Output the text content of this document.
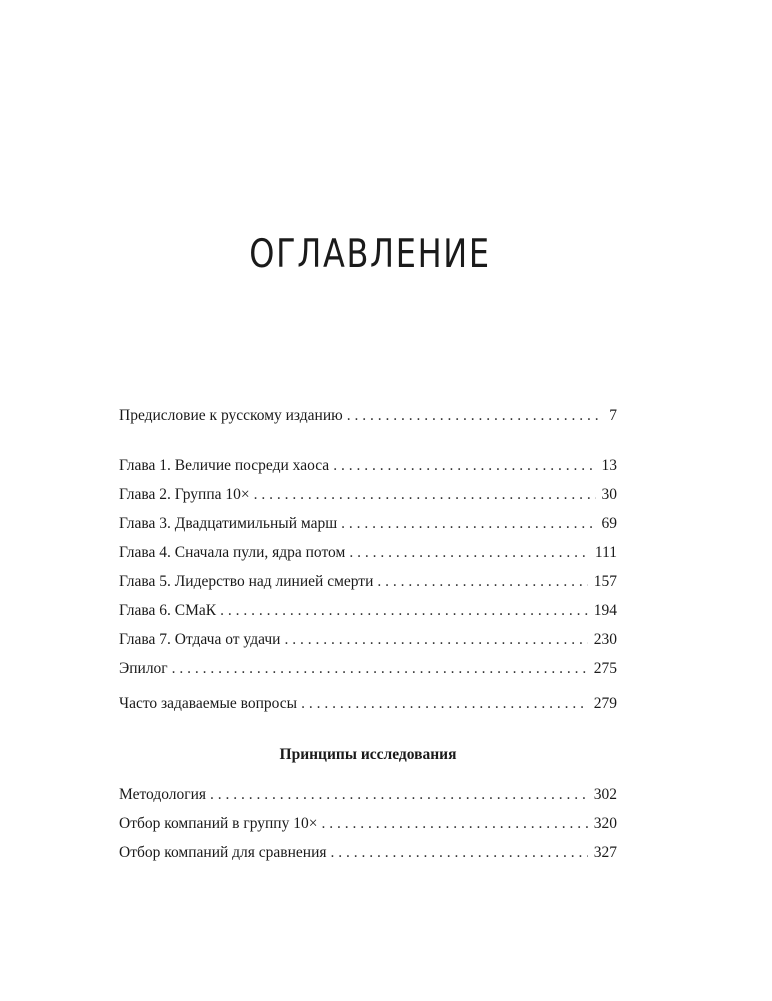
ОГЛАВЛЕНИЕ
Предисловие к русскому изданию . . .	7
Глава 1. Величие посреди хаоса . . .	13
Глава 2. Группа 10× . . .	30
Глава 3. Двадцатимильный марш . . .	69
Глава 4. Сначала пули, ядра потом . . .	111
Глава 5. Лидерство над линией смерти . . .	157
Глава 6. СМаК . . .	194
Глава 7. Отдача от удачи . . .	230
Эпилог . . .	275
Часто задаваемые вопросы . . .	279
Принципы исследования
Методология . . .	302
Отбор компаний в группу 10× . . .	320
Отбор компаний для сравнения . . .	327
